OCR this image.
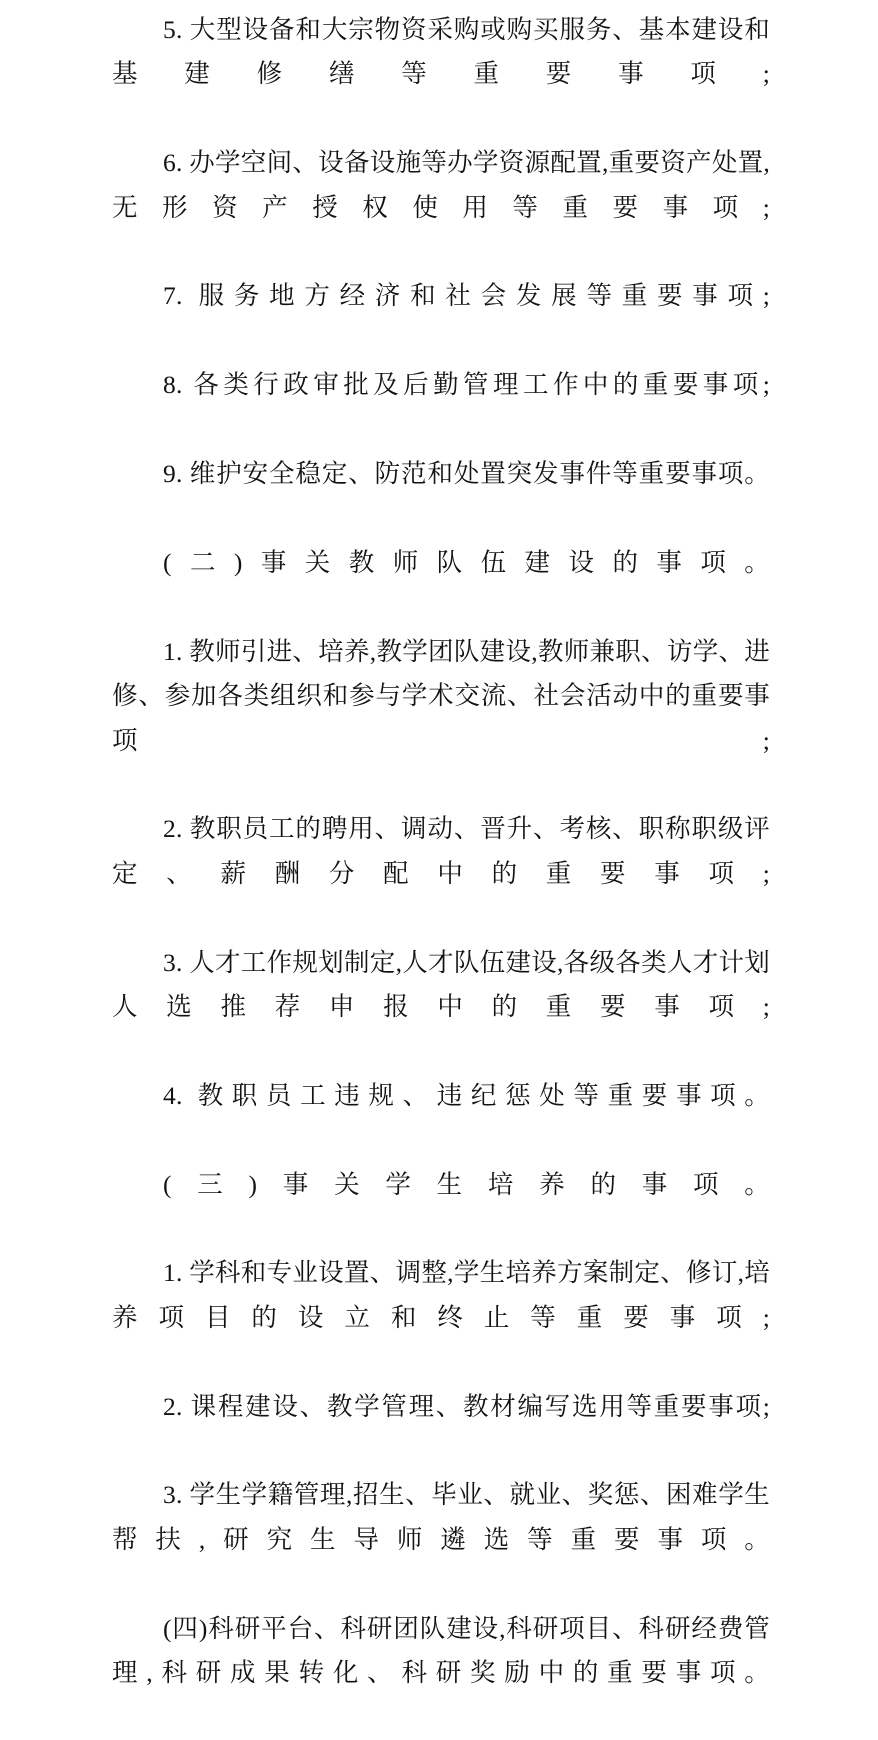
5. 大型设备和大宗物资采购或购买服务、基本建设和基建修缮等重要事项;

6. 办学空间、设备设施等办学资源配置,重要资产处置,无形资产授权使用等重要事项;

7. 服务地方经济和社会发展等重要事项;

8. 各类行政审批及后勤管理工作中的重要事项;

9. 维护安全稳定、防范和处置突发事件等重要事项。

(二)事关教师队伍建设的事项。

1. 教师引进、培养,教学团队建设,教师兼职、访学、进修、参加各类组织和参与学术交流、社会活动中的重要事项;

2. 教职员工的聘用、调动、晋升、考核、职称职级评定、薪酬分配中的重要事项;

3. 人才工作规划制定,人才队伍建设,各级各类人才计划人选推荐申报中的重要事项;

4. 教职员工违规、违纪惩处等重要事项。

(三)事关学生培养的事项。

1. 学科和专业设置、调整,学生培养方案制定、修订,培养项目的设立和终止等重要事项;

2. 课程建设、教学管理、教材编写选用等重要事项;

3. 学生学籍管理,招生、毕业、就业、奖惩、困难学生帮扶,研究生导师遴选等重要事项。

(四)科研平台、科研团队建设,科研项目、科研经费管理,科研成果转化、科研奖励中的重要事项。
